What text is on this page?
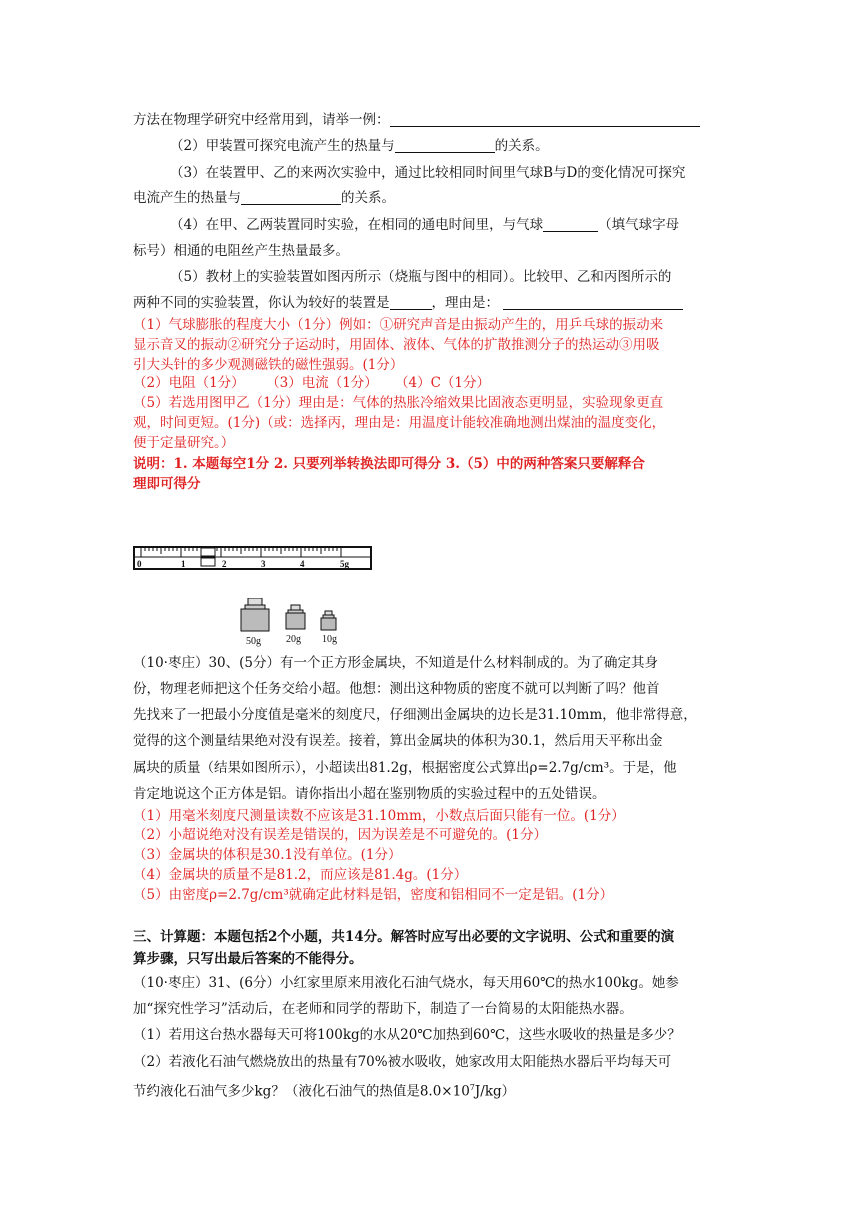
方法在物理学研究中经常用到，请举一例：
（2）甲装置可探究电流产生的热量与	的关系。
（3）在装置甲、乙的来两次实验中，通过比较相同时间里气球B与D的变化情况可探究
电流产生的热量与	的关系。
（4）在甲、乙两装置同时实验，在相同的通电时间里，与气球	（填气球字母
标号）相通的电阻丝产生热量最多。
（5）教材上的实验装置如图丙所示（烧瓶与图中的相同）。比较甲、乙和丙图所示的
两种不同的实验装置，你认为较好的装置是	，理由是：
（1）气球膨胀的程度大小（1分）例如：①研究声音是由振动产生的，用乒乓球的振动来
显示音叉的振动②研究分子运动时，用固体、液体、气体的扩散推测分子的热运动③用吸
引大头针的多少观测磁铁的磁性强弱。(1分）
（2）电阻（1分）     （3）电流（1分）    （4）C（1分）
（5）若选用图甲乙（1分）理由是：气体的热胀冷缩效果比固液态更明显，实验现象更直
观，时间更短。(1分)（或：选择丙，理由是：用温度计能较准确地测出煤油的温度变化，
便于定量研究。）
说明：1. 本题每空1分 2. 只要列举转换法即可得分 3.（5）中的两种答案只要解释合
理即可得分
0	1	2	3	4	5g
50g	20g 10g
（10·枣庄）30、(5分）有一个正方形金属块，不知道是什么材料制成的。为了确定其身
份，物理老师把这个任务交给小超。他想：测出这种物质的密度不就可以判断了吗？他首
先找来了一把最小分度值是毫米的刻度尺，仔细测出金属块的边长是31.10mm，他非常得意，
觉得的这个测量结果绝对没有误差。接着，算出金属块的体积为30.1，然后用天平称出金
属块的质量（结果如图所示），小超读出81.2g，根据密度公式算出ρ=2.7g/cm³。于是，他
肯定地说这个正方体是铝。请你指出小超在鉴别物质的实验过程中的五处错误。
（1）用毫米刻度尺测量读数不应该是31.10mm，小数点后面只能有一位。(1分）
（2）小超说绝对没有误差是错误的，因为误差是不可避免的。(1分）
（3）金属块的体积是30.1没有单位。(1分）
（4）金属块的质量不是81.2，而应该是81.4g。(1分）
（5）由密度ρ=2.7g/cm³就确定此材料是铝，密度和铝相同不一定是铝。(1分）
三、计算题：本题包括2个小题，共14分。解答时应写出必要的文字说明、公式和重要的演
算步骤，只写出最后答案的不能得分。
（10·枣庄）31、(6分）小红家里原来用液化石油气烧水，每天用60℃的热水100kg。她参
加“探究性学习”活动后，在老师和同学的帮助下，制造了一台简易的太阳能热水器。
（1）若用这台热水器每天可将100kg的水从20℃加热到60℃，这些水吸收的热量是多少？
（2）若液化石油气燃烧放出的热量有70%被水吸收，她家改用太阳能热水器后平均每天可
节约液化石油气多少kg？（液化石油气的热值是$8.0\times 10^7J/kg$）
